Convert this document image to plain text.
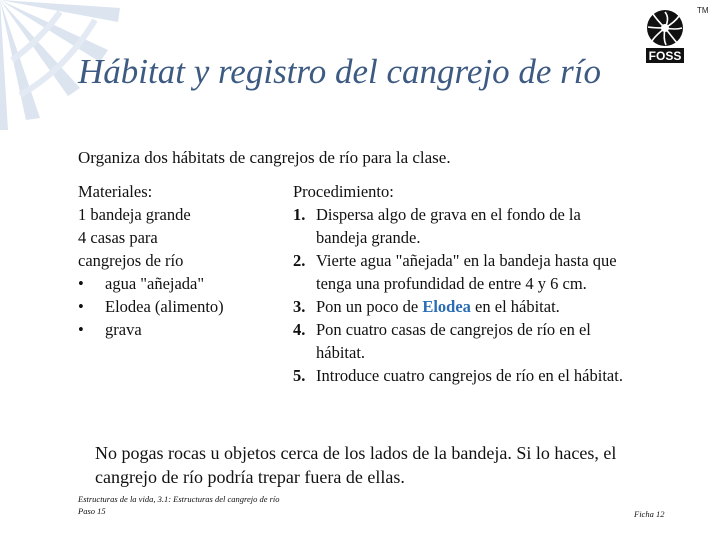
FOSS
TM
Hábitat y registro del cangrejo de río

Organiza dos hábitats de cangrejos de río para la clase.

Materiales:
1 bandeja grande
4 casas para
cangrejos de río
• agua "añejada"
• Elodea (alimento)
• grava
Procedimiento:
1. Dispersa algo de grava en el fondo de la bandeja grande.
2. Vierte agua "añejada" en la bandeja hasta que tenga una profundidad de entre 4 y 6 cm.
3. Pon un poco de Elodea en el hábitat.
4. Pon cuatro casas de cangrejos de río en el hábitat.
5. Introduce cuatro cangrejos de río en el hábitat.

No pogas rocas u objetos cerca de los lados de la bandeja. Si lo haces, el cangrejo de río podría trepar fuera de ellas.

Estructuras de la vida, 3.1: Estructuras del cangrejo de río
Paso 15	Ficha 12
